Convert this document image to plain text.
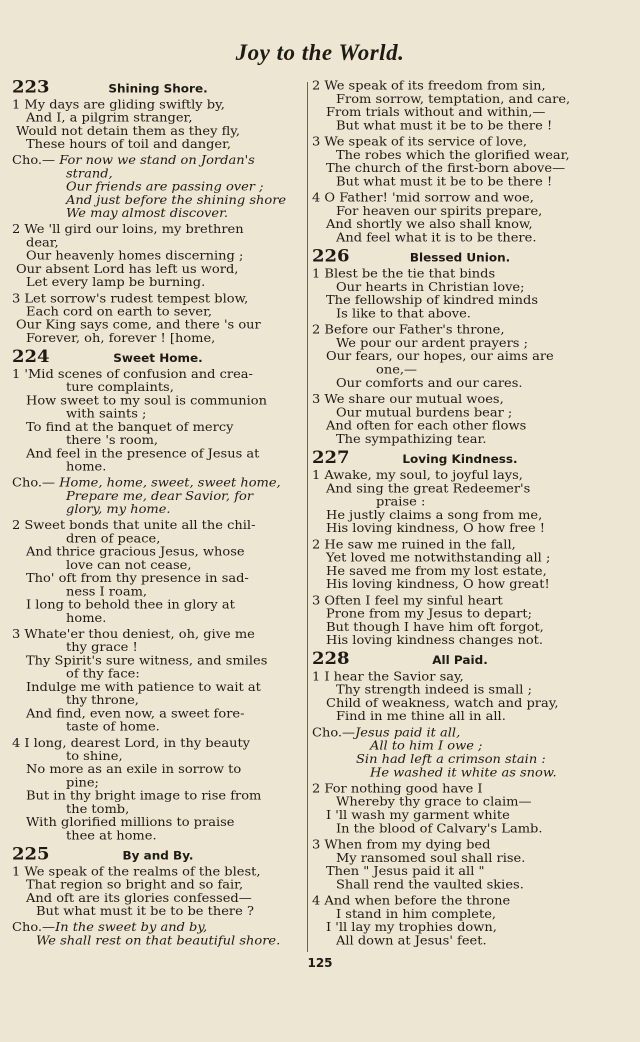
Joy to the World.
223	Shining Shore.
1 My days are gliding swiftly by,
And I, a pilgrim stranger,
Would not detain them as they fly,
These hours of toil and danger,
Cho.— For now we stand on Jordan's
strand,
Our friends are passing over ;
And just before the shining shore
We may almost discover.
2 We 'll gird our loins, my brethren
dear,
Our heavenly homes discerning ;
Our absent Lord has left us word,
Let every lamp be burning.
3 Let sorrow's rudest tempest blow,
Each cord on earth to sever,
Our King says come, and there 's our
Forever, oh, forever ! [home,
224	Sweet Home.
1 'Mid scenes of confusion and crea-
ture complaints,
How sweet to my soul is communion
with saints ;
To find at the banquet of mercy
there 's room,
And feel in the presence of Jesus at
home.
Cho.— Home, home, sweet, sweet home,
Prepare me, dear Savior, for
glory, my home.
2 Sweet bonds that unite all the chil-
dren of peace,
And thrice gracious Jesus, whose
love can not cease,
Tho' oft from thy presence in sad-
ness I roam,
I long to behold thee in glory at
home.
3 Whate'er thou deniest, oh, give me
thy grace !
Thy Spirit's sure witness, and smiles
of thy face:
Indulge me with patience to wait at
thy throne,
And find, even now, a sweet fore-
taste of home.
4 I long, dearest Lord, in thy beauty
to shine,
No more as an exile in sorrow to
pine;
But in thy bright image to rise from
the tomb,
With glorified millions to praise
thee at home.
225	By and By.
1 We speak of the realms of the blest,
That region so bright and so fair,
And oft are its glories confessed—
But what must it be to be there ?
Cho.—In the sweet by and by,
We shall rest on that beautiful shore.
2 We speak of its freedom from sin,
From sorrow, temptation, and care,
From trials without and within,—
But what must it be to be there !
3 We speak of its service of love,
The robes which the glorified wear,
The church of the first-born above—
But what must it be to be there !
4 O Father! 'mid sorrow and woe,
For heaven our spirits prepare,
And shortly we also shall know,
And feel what it is to be there.
226	Blessed Union.
1 Blest be the tie that binds
Our hearts in Christian love;
The fellowship of kindred minds
Is like to that above.
2 Before our Father's throne,
We pour our ardent prayers ;
Our fears, our hopes, our aims are
one,—
Our comforts and our cares.
3 We share our mutual woes,
Our mutual burdens bear ;
And often for each other flows
The sympathizing tear.
227	Loving Kindness.
1 Awake, my soul, to joyful lays,
And sing the great Redeemer's
praise :
He justly claims a song from me,
His loving kindness, O how free !
2 He saw me ruined in the fall,
Yet loved me notwithstanding all ;
He saved me from my lost estate,
His loving kindness, O how great!
3 Often I feel my sinful heart
Prone from my Jesus to depart;
But though I have him oft forgot,
His loving kindness changes not.
228	All Paid.
1 I hear the Savior say,
Thy strength indeed is small ;
Child of weakness, watch and pray,
Find in me thine all in all.
Cho.—Jesus paid it all,
All to him I owe ;
Sin had left a crimson stain :
He washed it white as snow.
2 For nothing good have I
Whereby thy grace to claim—
I 'll wash my garment white
In the blood of Calvary's Lamb.
3 When from my dying bed
My ransomed soul shall rise.
Then " Jesus paid it all "
Shall rend the vaulted skies.
4 And when before the throne
I stand in him complete,
I 'll lay my trophies down,
All down at Jesus' feet.
125
